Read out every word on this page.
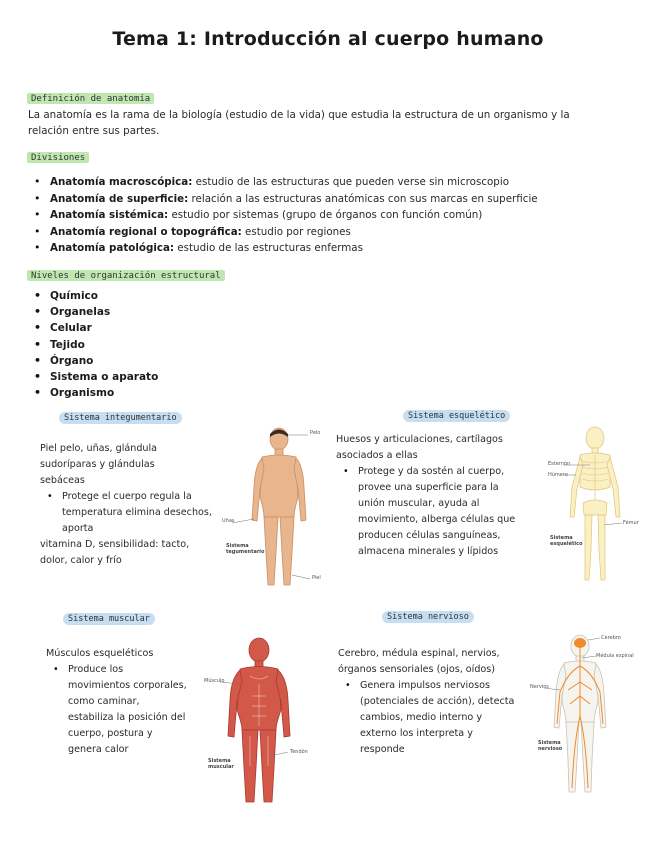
Tema 1: Introducción al cuerpo humano
Definición de anatomía
La anatomía es la rama de la biología (estudio de la vida) que estudia la estructura de un organismo y la relación entre sus partes.
Divisiones
• Anatomía macroscópica: estudio de las estructuras que pueden verse sin microscopio
• Anatomía de superficie: relación a las estructuras anatómicas con sus marcas en superficie
• Anatomía sistémica: estudio por sistemas (grupo de órganos con función común)
• Anatomía regional o topográfica: estudio por regiones
• Anatomía patológica: estudio de las estructuras enfermas
Niveles de organización estructural
• Químico
• Organelas
• Celular
• Tejido
• Órgano
• Sistema o aparato
• Organismo
Sistema integumentario
Piel pelo, uñas, glándula sudoríparas y glándulas sebáceas
• Protege el cuerpo regula la temperatura elimina desechos, aporta
vitamina D, sensibilidad: tacto, dolor, calor y frío
Pelo
Uñas
Piel
Sistema tegumentario
Sistema esquelético
Huesos y articulaciones, cartílagos asociados a ellas
• Protege y da sostén al cuerpo, provee una superficie para la unión muscular, ayuda al movimiento, alberga células que producen células sanguíneas, almacena minerales y lípidos
Esternón
Húmero
Fémur
Sistema esquelético
Sistema muscular
Músculos esqueléticos
• Produce los movimientos corporales, como caminar, estabiliza la posición del cuerpo, postura y genera calor
Músculo
Tendón
Sistema muscular
Sistema nervioso
Cerebro, médula espinal, nervios, órganos sensoriales (ojos, oídos)
• Genera impulsos nerviosos (potenciales de acción), detecta cambios, medio interno y externo los interpreta y responde
Cerebro
Médula espinal
Nervios
Sistema nervioso
